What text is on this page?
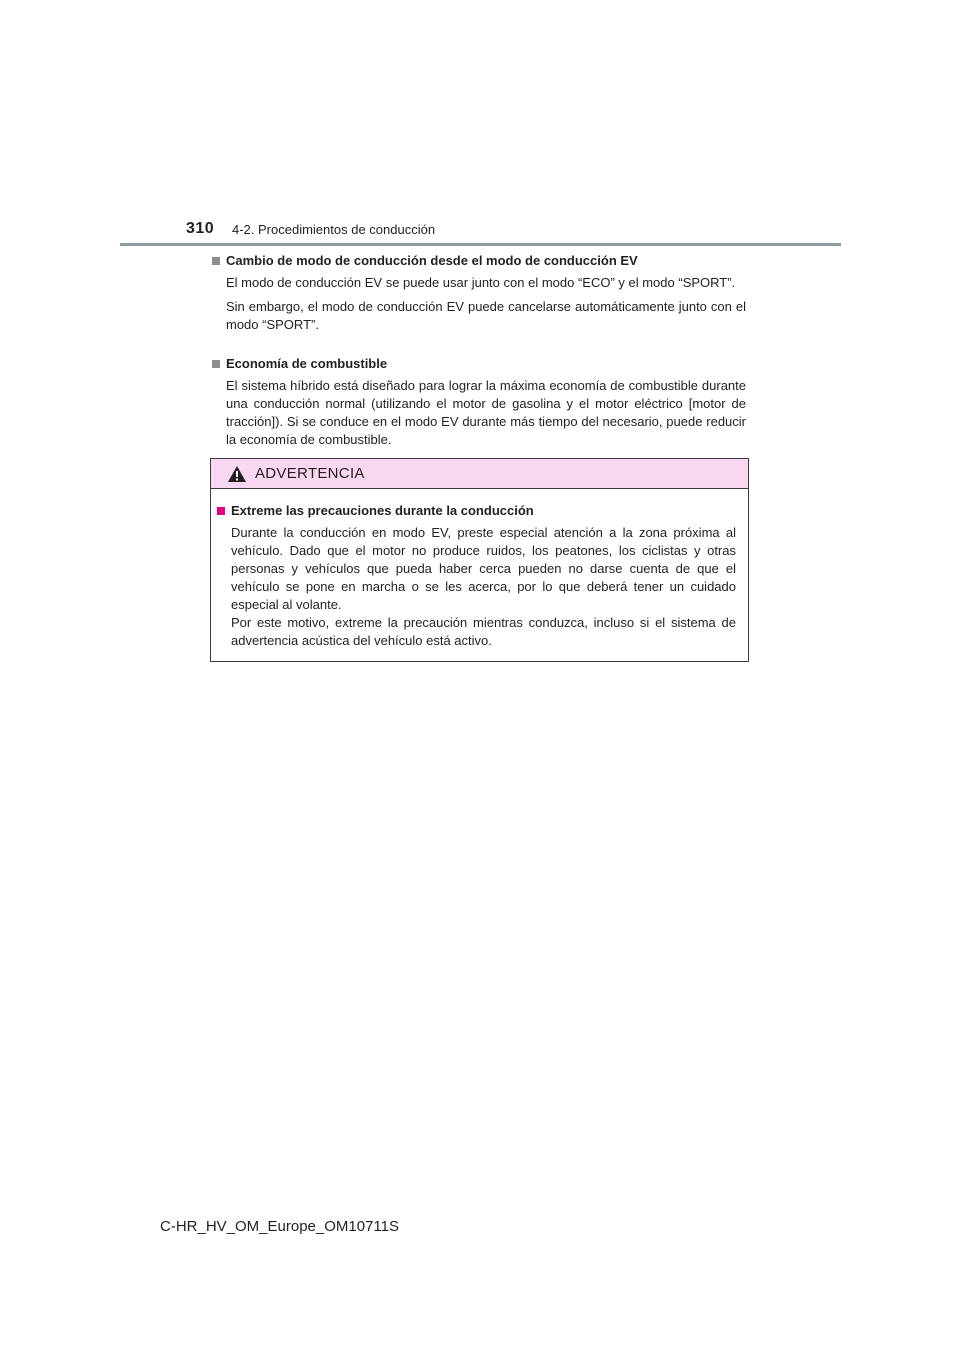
310 4-2. Procedimientos de conducción
Cambio de modo de conducción desde el modo de conducción EV
El modo de conducción EV se puede usar junto con el modo “ECO” y el modo “SPORT”.
Sin embargo, el modo de conducción EV puede cancelarse automáticamente junto con el modo “SPORT”.
Economía de combustible
El sistema híbrido está diseñado para lograr la máxima economía de combustible durante una conducción normal (utilizando el motor de gasolina y el motor eléctrico [motor de tracción]). Si se conduce en el modo EV durante más tiempo del necesario, puede reducir la economía de combustible.
ADVERTENCIA
Extreme las precauciones durante la conducción
Durante la conducción en modo EV, preste especial atención a la zona próxima al vehículo. Dado que el motor no produce ruidos, los peatones, los ciclistas y otras personas y vehículos que pueda haber cerca pueden no darse cuenta de que el vehículo se pone en marcha o se les acerca, por lo que deberá tener un cuidado especial al volante.
Por este motivo, extreme la precaución mientras conduzca, incluso si el sistema de advertencia acústica del vehículo está activo.
C-HR_HV_OM_Europe_OM10711S
